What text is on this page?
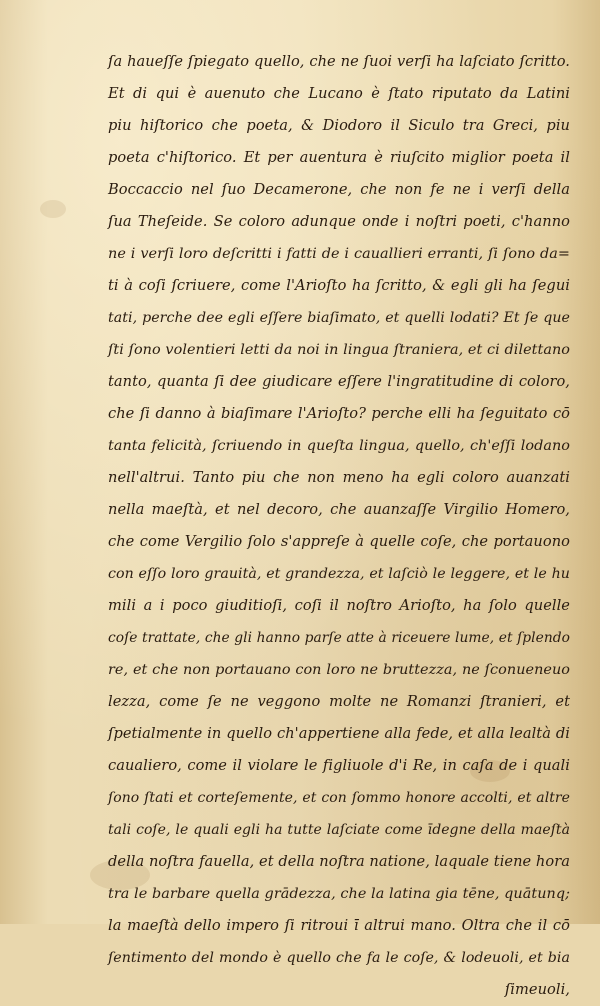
ſa haueſſe ſpiegato quello, che ne ſuoi verſi ha laſciato ſcritto.
Et di qui è auenuto che Lucano è ſtato riputato da Latini
piu hiſtorico che poeta, & Diodoro il Siculo tra Greci, piu
poeta c'hiſtorico. Et per auentura è riuſcito miglior poeta il
Boccaccio nel ſuo Decamerone, che non fe ne i verſi della
ſua Theſeide. Se coloro adunque onde i noſtri poeti, c'hanno
ne i verſi loro deſcritti i fatti de i cauallieri erranti, ſi ſono da=
ti à coſi ſcriuere, come l'Arioſto ha ſcritto, & egli gli ha ſegui
tati, perche dee egli eſſere biaſimato, et quelli lodati? Et ſe que
ſti ſono volentieri letti da noi in lingua ſtraniera, et ci dilettano
tanto, quanta ſi dee giudicare eſſere l'ingratitudine di coloro,
che ſi danno à biaſimare l'Arioſto? perche elli ha ſeguitato cō
tanta felicità, ſcriuendo in queſta lingua, quello, ch'eſſi lodano
nell'altrui. Tanto piu che non meno ha egli coloro auanzati
nella maeſtà, et nel decoro, che auanzaſſe Virgilio Homero,
che come Vergilio ſolo s'appreſe à quelle coſe, che portauono
con eſſo loro grauità, et grandezza, et laſciò le leggere, et le hu
mili a i poco giuditioſi, coſi il noſtro Arioſto, ha ſolo quelle
coſe trattate, che gli hanno parſe atte à riceuere lume, et ſplendo
re, et che non portauano con loro ne bruttezza, ne ſconueneuo
lezza, come ſe ne veggono molte ne Romanzi ſtranieri, et
ſpetialmente in quello ch'appertiene alla fede, et alla lealtà di
caualiero, come il violare le figliuole d'i Re, in caſa de i quali
ſono ſtati et corteſemente, et con ſommo honore accolti, et altre
tali coſe, le quali egli ha tutte laſciate come īdegne della maeſtà
della noſtra fauella, et della noſtra natione, laquale tiene hora
tra le barbare quella grādezza, che la latina gia tēne, quātunq;
la maeſtà dello impero ſi ritroui ī altrui mano. Oltra che il cō
ſentimento del mondo è quello che fa le coſe, & lodeuoli, et bia
ſimeuoli,
